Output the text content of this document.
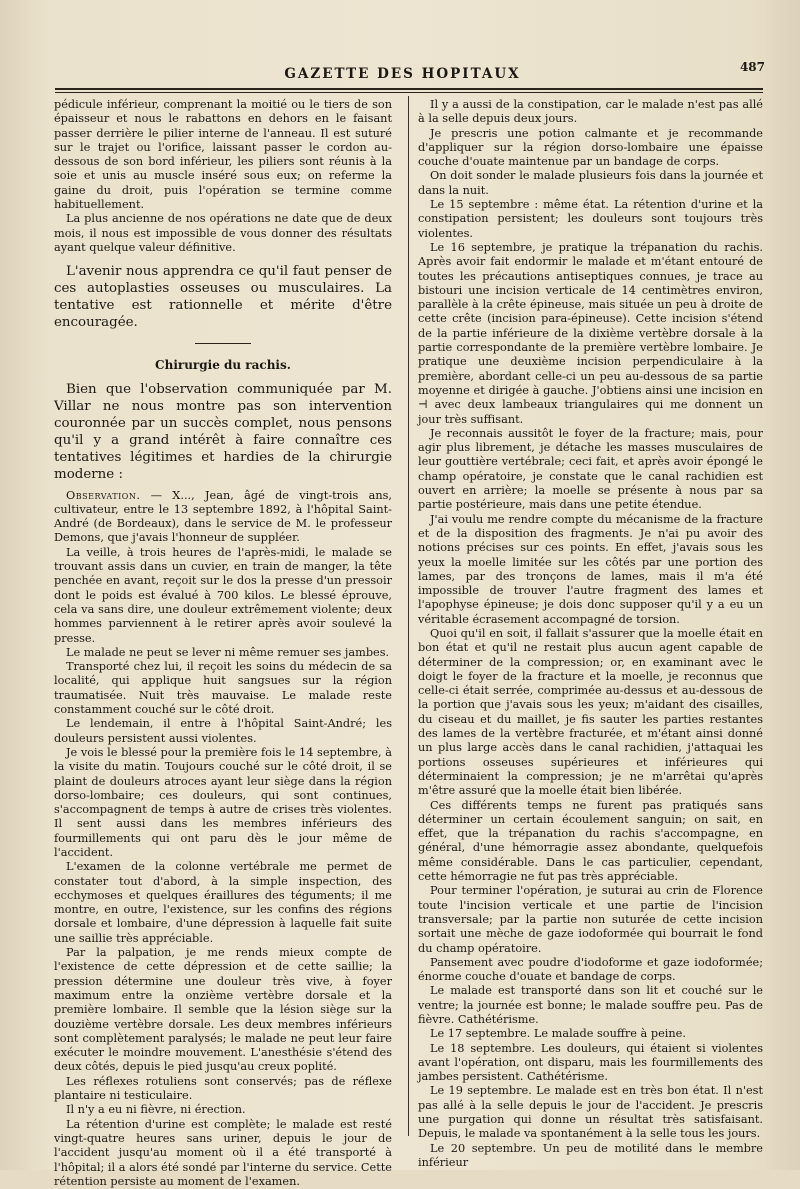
GAZETTE DES HOPITAUX	487

pédicule inférieur, comprenant la moitié ou le tiers de son épaisseur et nous le rabattons en dehors en le faisant passer derrière le pilier interne de l'anneau. Il est suturé sur le trajet ou l'orifice, laissant passer le cordon au-dessous de son bord inférieur, les piliers sont réunis à la soie et unis au muscle inséré sous eux; on referme la gaine du droit, puis l'opération se termine comme habituellement.

La plus ancienne de nos opérations ne date que de deux mois, il nous est impossible de vous donner des résultats ayant quelque valeur définitive.

L'avenir nous apprendra ce qu'il faut penser de ces autoplasties osseuses ou musculaires. La tentative est rationnelle et mérite d'être encouragée.

Chirurgie du rachis.

Bien que l'observation communiquée par M. Villar ne nous montre pas son intervention couronnée par un succès complet, nous pensons qu'il y a grand intérêt à faire connaître ces tentatives légitimes et hardies de la chirurgie moderne :

Observation. — X..., Jean, âgé de vingt-trois ans, cultivateur, entre le 13 septembre 1892, à l'hôpital Saint-André (de Bordeaux), dans le service de M. le professeur Demons, que j'avais l'honneur de suppléer.

La veille, à trois heures de l'après-midi, le malade se trouvant assis dans un cuvier, en train de manger, la tête penchée en avant, reçoit sur le dos la presse d'un pressoir dont le poids est évalué à 700 kilos. Le blessé éprouve, cela va sans dire, une douleur extrêmement violente; deux hommes parviennent à le retirer après avoir soulevé la presse.

Le malade ne peut se lever ni même remuer ses jambes.

Transporté chez lui, il reçoit les soins du médecin de sa localité, qui applique huit sangsues sur la région traumatisée. Nuit très mauvaise. Le malade reste constamment couché sur le côté droit.

Le lendemain, il entre à l'hôpital Saint-André; les douleurs persistent aussi violentes.

Je vois le blessé pour la première fois le 14 septembre, à la visite du matin. Toujours couché sur le côté droit, il se plaint de douleurs atroces ayant leur siège dans la région dorso-lombaire; ces douleurs, qui sont continues, s'accompagnent de temps à autre de crises très violentes. Il sent aussi dans les membres inférieurs des fourmillements qui ont paru dès le jour même de l'accident.

L'examen de la colonne vertébrale me permet de constater tout d'abord, à la simple inspection, des ecchymoses et quelques éraillures des téguments; il me montre, en outre, l'existence, sur les confins des régions dorsale et lombaire, d'une dépression à laquelle fait suite une saillie très appréciable.

Par la palpation, je me rends mieux compte de l'existence de cette dépression et de cette saillie; la pression détermine une douleur très vive, à foyer maximum entre la onzième vertèbre dorsale et la première lombaire. Il semble que la lésion siège sur la douzième vertèbre dorsale. Les deux membres inférieurs sont complètement paralysés; le malade ne peut leur faire exécuter le moindre mouvement. L'anesthésie s'étend des deux côtés, depuis le pied jusqu'au creux poplité.

Les réflexes rotuliens sont conservés; pas de réflexe plantaire ni testiculaire.

Il n'y a eu ni fièvre, ni érection.

La rétention d'urine est complète; le malade est resté vingt-quatre heures sans uriner, depuis le jour de l'accident jusqu'au moment où il a été transporté à l'hôpital; il a alors été sondé par l'interne du service. Cette rétention persiste au moment de l'examen.

Il y a aussi de la constipation, car le malade n'est pas allé à la selle depuis deux jours.

Je prescris une potion calmante et je recommande d'appliquer sur la région dorso-lombaire une épaisse couche d'ouate maintenue par un bandage de corps.

On doit sonder le malade plusieurs fois dans la journée et dans la nuit.

Le 15 septembre : même état. La rétention d'urine et la constipation persistent; les douleurs sont toujours très violentes.

Le 16 septembre, je pratique la trépanation du rachis. Après avoir fait endormir le malade et m'étant entouré de toutes les précautions antiseptiques connues, je trace au bistouri une incision verticale de 14 centimètres environ, parallèle à la crête épineuse, mais située un peu à droite de cette crête (incision para-épineuse). Cette incision s'étend de la partie inférieure de la dixième vertèbre dorsale à la partie correspondante de la première vertèbre lombaire. Je pratique une deuxième incision perpendiculaire à la première, abordant celle-ci un peu au-dessous de sa partie moyenne et dirigée à gauche. J'obtiens ainsi une incision en ⊣ avec deux lambeaux triangulaires qui me donnent un jour très suffisant.

Je reconnais aussitôt le foyer de la fracture; mais, pour agir plus librement, je détache les masses musculaires de leur gouttière vertébrale; ceci fait, et après avoir épongé le champ opératoire, je constate que le canal rachidien est ouvert en arrière; la moelle se présente à nous par sa partie postérieure, mais dans une petite étendue.

J'ai voulu me rendre compte du mécanisme de la fracture et de la disposition des fragments. Je n'ai pu avoir des notions précises sur ces points. En effet, j'avais sous les yeux la moelle limitée sur les côtés par une portion des lames, par des tronçons de lames, mais il m'a été impossible de trouver l'autre fragment des lames et l'apophyse épineuse; je dois donc supposer qu'il y a eu un véritable écrasement accompagné de torsion.

Quoi qu'il en soit, il fallait s'assurer que la moelle était en bon état et qu'il ne restait plus aucun agent capable de déterminer de la compression; or, en examinant avec le doigt le foyer de la fracture et la moelle, je reconnus que celle-ci était serrée, comprimée au-dessus et au-dessous de la portion que j'avais sous les yeux; m'aidant des cisailles, du ciseau et du maillet, je fis sauter les parties restantes des lames de la vertèbre fracturée, et m'étant ainsi donné un plus large accès dans le canal rachidien, j'attaquai les portions osseuses supérieures et inférieures qui déterminaient la compression; je ne m'arrêtai qu'après m'être assuré que la moelle était bien libérée.

Ces différents temps ne furent pas pratiqués sans déterminer un certain écoulement sanguin; on sait, en effet, que la trépanation du rachis s'accompagne, en général, d'une hémorragie assez abondante, quelquefois même considérable. Dans le cas particulier, cependant, cette hémorragie ne fut pas très appréciable.

Pour terminer l'opération, je suturai au crin de Florence toute l'incision verticale et une partie de l'incision transversale; par la partie non suturée de cette incision sortait une mèche de gaze iodoformée qui bourrait le fond du champ opératoire.

Pansement avec poudre d'iodoforme et gaze iodoformée; énorme couche d'ouate et bandage de corps.

Le malade est transporté dans son lit et couché sur le ventre; la journée est bonne; le malade souffre peu. Pas de fièvre. Cathétérisme.

Le 17 septembre. Le malade souffre à peine.

Le 18 septembre. Les douleurs, qui étaient si violentes avant l'opération, ont disparu, mais les fourmillements des jambes persistent. Cathétérisme.

Le 19 septembre. Le malade est en très bon état. Il n'est pas allé à la selle depuis le jour de l'accident. Je prescris une purgation qui donne un résultat très satisfaisant. Depuis, le malade va spontanément à la selle tous les jours.

Le 20 septembre. Un peu de motilité dans le membre inférieur
